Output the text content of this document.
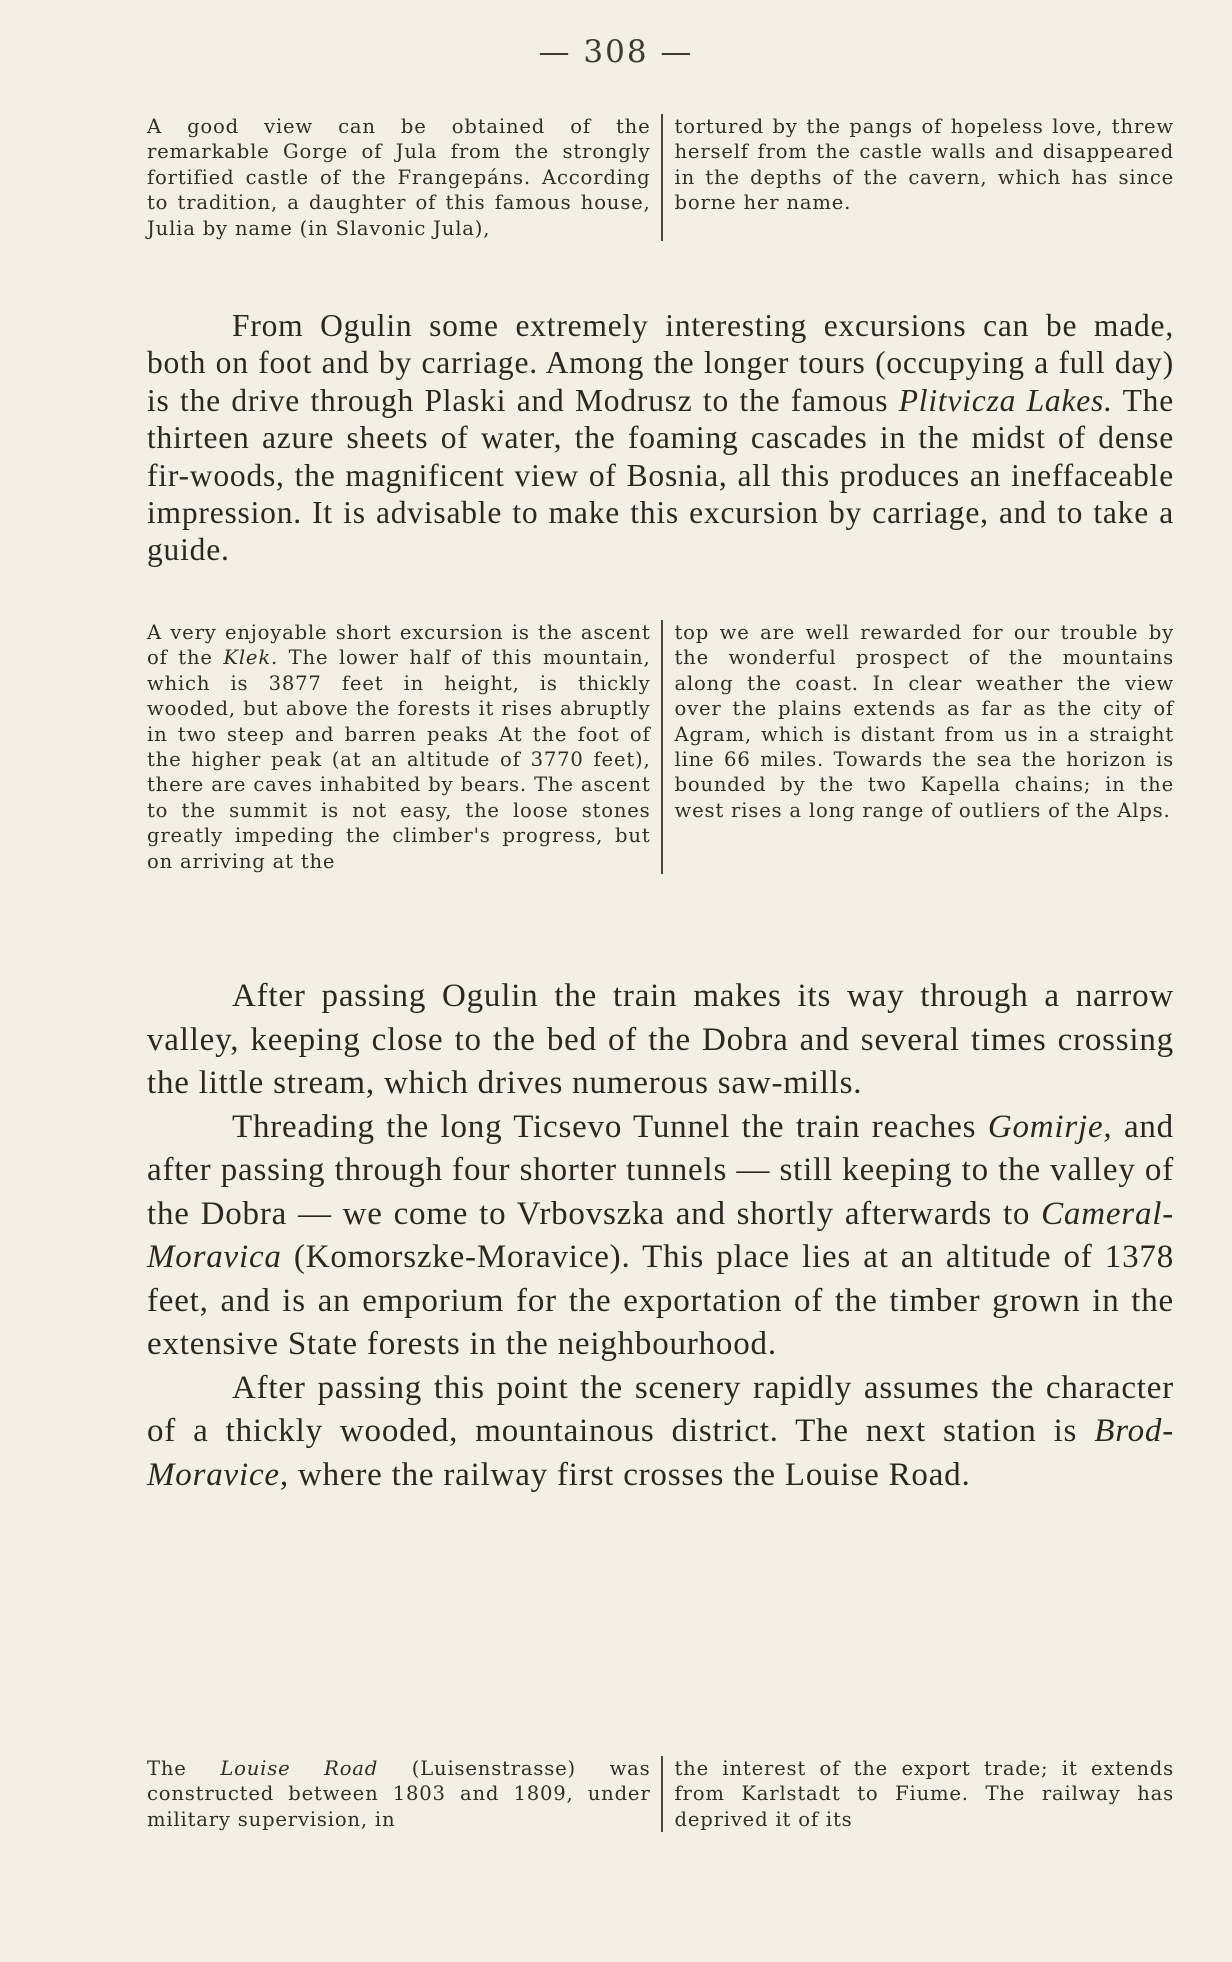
— 308 —
A good view can be obtained of the remarkable Gorge of Jula from the strongly fortified castle of the Frangepáns. According to tradition, a daughter of this famous house, Julia by name (in Slavonic Jula),
tortured by the pangs of hopeless love, threw herself from the castle walls and disappeared in the depths of the cavern, which has since borne her name.
From Ogulin some extremely interesting excursions can be made, both on foot and by carriage. Among the longer tours (occupying a full day) is the drive through Plaski and Modrusz to the famous Plitvicza Lakes. The thirteen azure sheets of water, the foaming cascades in the midst of dense fir-woods, the magnificent view of Bosnia, all this produces an ineffaceable impression. It is advisable to make this excursion by carriage, and to take a guide.
A very enjoyable short excursion is the ascent of the Klek. The lower half of this mountain, which is 3877 feet in height, is thickly wooded, but above the forests it rises abruptly in two steep and barren peaks At the foot of the higher peak (at an altitude of 3770 feet), there are caves inhabited by bears. The ascent to the summit is not easy, the loose stones greatly impeding the climber's progress, but on arriving at the
top we are well rewarded for our trouble by the wonderful prospect of the mountains along the coast. In clear weather the view over the plains extends as far as the city of Agram, which is distant from us in a straight line 66 miles. Towards the sea the horizon is bounded by the two Kapella chains; in the west rises a long range of outliers of the Alps.
After passing Ogulin the train makes its way through a narrow valley, keeping close to the bed of the Dobra and several times crossing the little stream, which drives numerous saw-mills.
Threading the long Ticsevo Tunnel the train reaches Gomirje, and after passing through four shorter tunnels — still keeping to the valley of the Dobra — we come to Vrbovszka and shortly afterwards to Cameral-Moravica (Komorszke-Moravice). This place lies at an altitude of 1378 feet, and is an emporium for the exportation of the timber grown in the extensive State forests in the neighbourhood.
After passing this point the scenery rapidly assumes the character of a thickly wooded, mountainous district. The next station is Brod-Moravice, where the railway first crosses the Louise Road.
The Louise Road (Luisenstrasse) was constructed between 1803 and 1809, under military supervision, in
the interest of the export trade; it extends from Karlstadt to Fiume. The railway has deprived it of its
